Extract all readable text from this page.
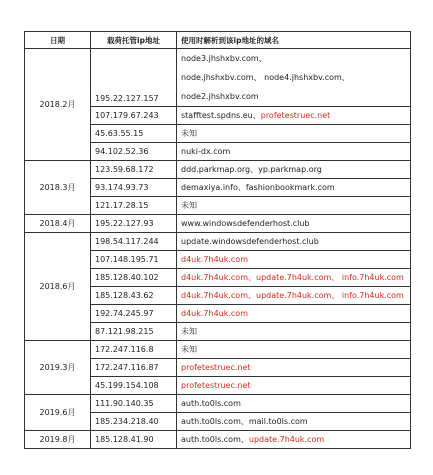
日期	载荷托管ip地址	使用时解析到该ip地址的域名
2018.2月	195.22.127.157	node3.jhshxbv.com、
node.jhshxbv.com、 node4.jhshxbv.com、
node2.jhshxbv.com

	107.179.67.243	stafftest.spdns.eu、profetestruec.net
	45.63.55.15	未知
	94.102.52.36	nuki-dx.com
2018.3月	123.59.68.172	ddd.parkmap.org、yp.parkmap.org
	93.174.93.73	demaxiya.info、fashionbookmark.com
	121.17.28.15	未知
2018.4月	195.22.127.93	www.windowsdefenderhost.club
2018.6月	198.54.117.244	update.windowsdefenderhost.club
	107.148.195.71	d4uk.7h4uk.com
	185.128.40.102	d4uk.7h4uk.com、update.7h4uk.com、 info.7h4uk.com
	185.128.43.62	d4uk.7h4uk.com、update.7h4uk.com、 info.7h4uk.com
	192.74.245.97	d4uk.7h4uk.com
	87.121.98.215	未知
2019.3月	172.247.116.8	未知
	172.247.116.87	profetestruec.net
	45.199.154.108	profetestruec.net
2019.6月	111.90.140.35	auth.to0ls.com
	185.234.218.40	auth.to0ls.com、mail.to0ls.com
2019.8月	185.128.41.90	auth.to0ls.com、update.7h4uk.com
